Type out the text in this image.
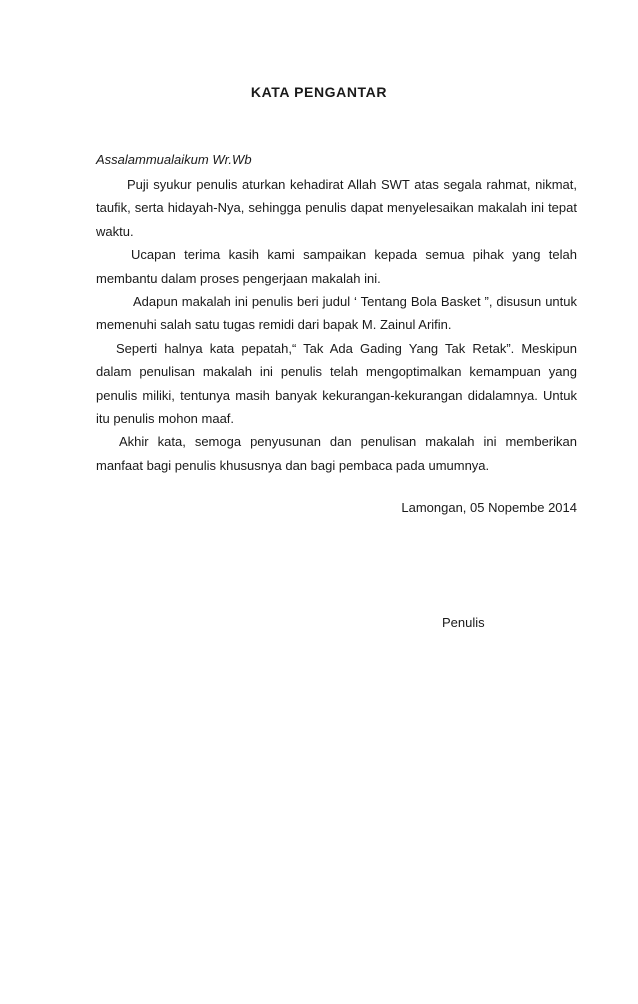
KATA PENGANTAR

Assalammualaikum Wr.Wb

Puji syukur penulis aturkan kehadirat Allah SWT atas segala rahmat, nikmat, taufik, serta hidayah-Nya, sehingga penulis dapat menyelesaikan makalah ini tepat waktu.

Ucapan terima kasih kami sampaikan kepada semua pihak yang telah membantu dalam proses pengerjaan makalah ini.

Adapun makalah ini penulis beri judul ‘ Tentang Bola Basket ”, disusun untuk memenuhi salah satu tugas remidi dari bapak M. Zainul Arifin.

Seperti halnya kata pepatah,“ Tak Ada Gading Yang Tak Retak”. Meskipun dalam penulisan makalah ini penulis telah mengoptimalkan kemampuan yang penulis miliki, tentunya masih banyak kekurangan-kekurangan didalamnya. Untuk itu penulis mohon maaf.

Akhir kata, semoga penyusunan dan penulisan makalah ini memberikan manfaat bagi penulis khususnya dan bagi pembaca pada umumnya.

Lamongan, 05 Nopembe 2014

Penulis
